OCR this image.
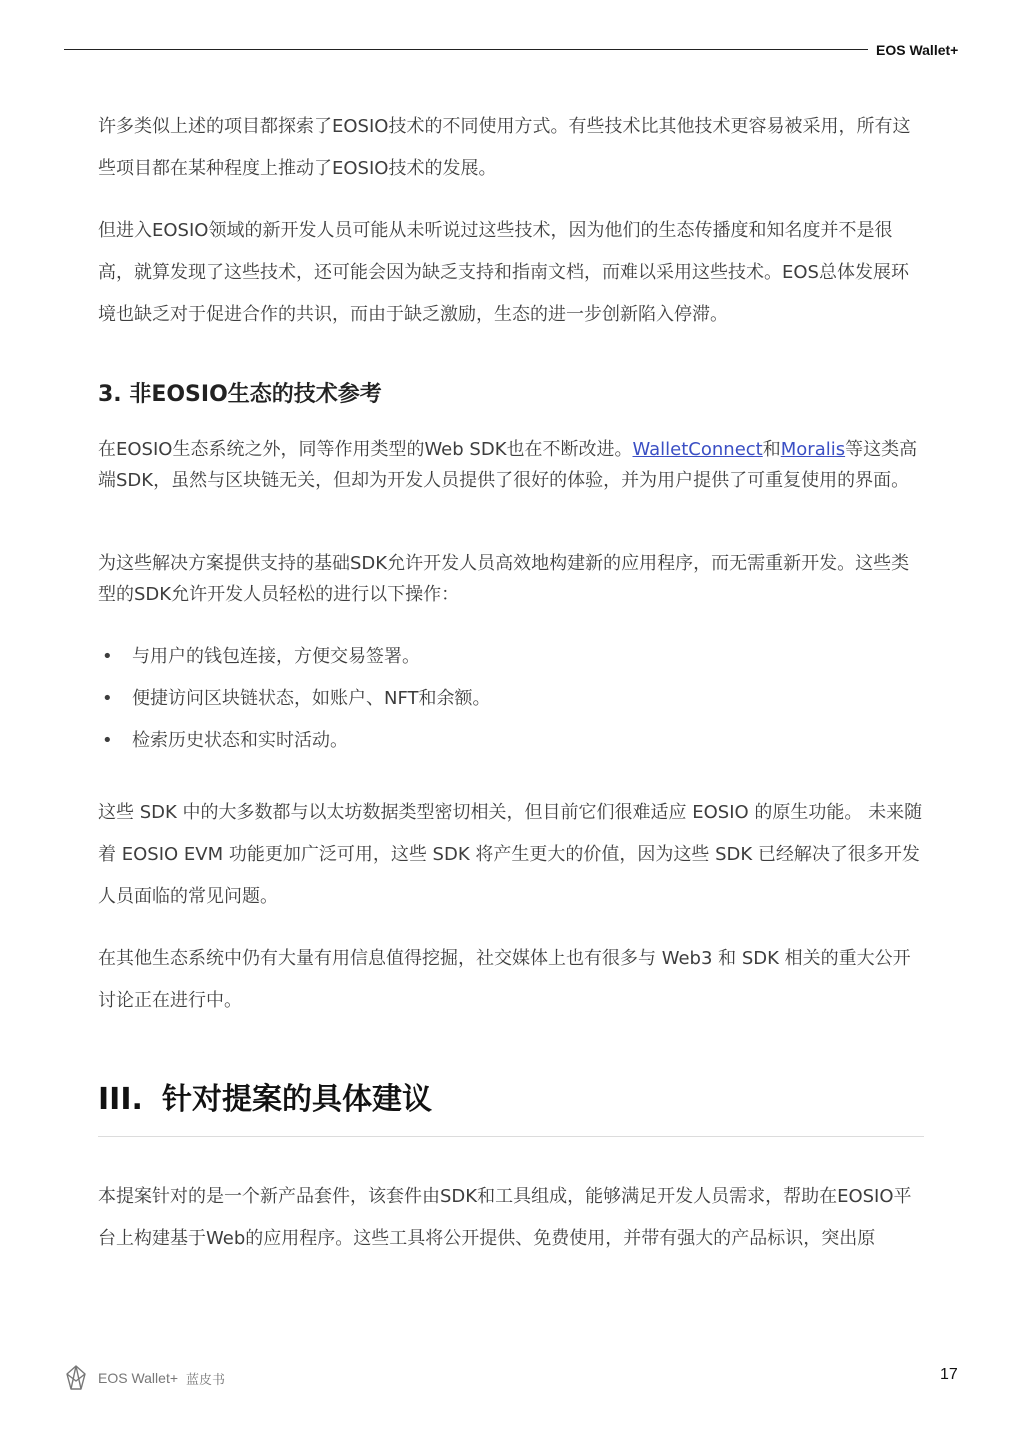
EOS Wallet+

许多类似上述的项目都探索了EOSIO技术的不同使用方式。有些技术比其他技术更容易被采用，所有这些项目都在某种程度上推动了EOSIO技术的发展。

但进入EOSIO领域的新开发人员可能从未听说过这些技术，因为他们的生态传播度和知名度并不是很高，就算发现了这些技术，还可能会因为缺乏支持和指南文档，而难以采用这些技术。EOS总体发展环境也缺乏对于促进合作的共识，而由于缺乏激励，生态的进一步创新陷入停滞。

3. 非EOSIO生态的技术参考

在EOSIO生态系统之外，同等作用类型的Web SDK也在不断改进。WalletConnect和Moralis等这类高端SDK，虽然与区块链无关，但却为开发人员提供了很好的体验，并为用户提供了可重复使用的界面。

为这些解决方案提供支持的基础SDK允许开发人员高效地构建新的应用程序，而无需重新开发。这些类型的SDK允许开发人员轻松的进行以下操作：

• 与用户的钱包连接，方便交易签署。
• 便捷访问区块链状态，如账户、NFT和余额。
• 检索历史状态和实时活动。

这些 SDK 中的大多数都与以太坊数据类型密切相关，但目前它们很难适应 EOSIO 的原生功能。 未来随着 EOSIO EVM 功能更加广泛可用，这些 SDK 将产生更大的价值，因为这些 SDK 已经解决了很多开发人员面临的常见问题。

在其他生态系统中仍有大量有用信息值得挖掘，社交媒体上也有很多与 Web3 和 SDK 相关的重大公开讨论正在进行中。

III. 针对提案的具体建议

本提案针对的是一个新产品套件，该套件由SDK和工具组成，能够满足开发人员需求，帮助在EOSIO平台上构建基于Web的应用程序。这些工具将公开提供、免费使用，并带有强大的产品标识，突出原

EOS Wallet+ 蓝皮书	17
